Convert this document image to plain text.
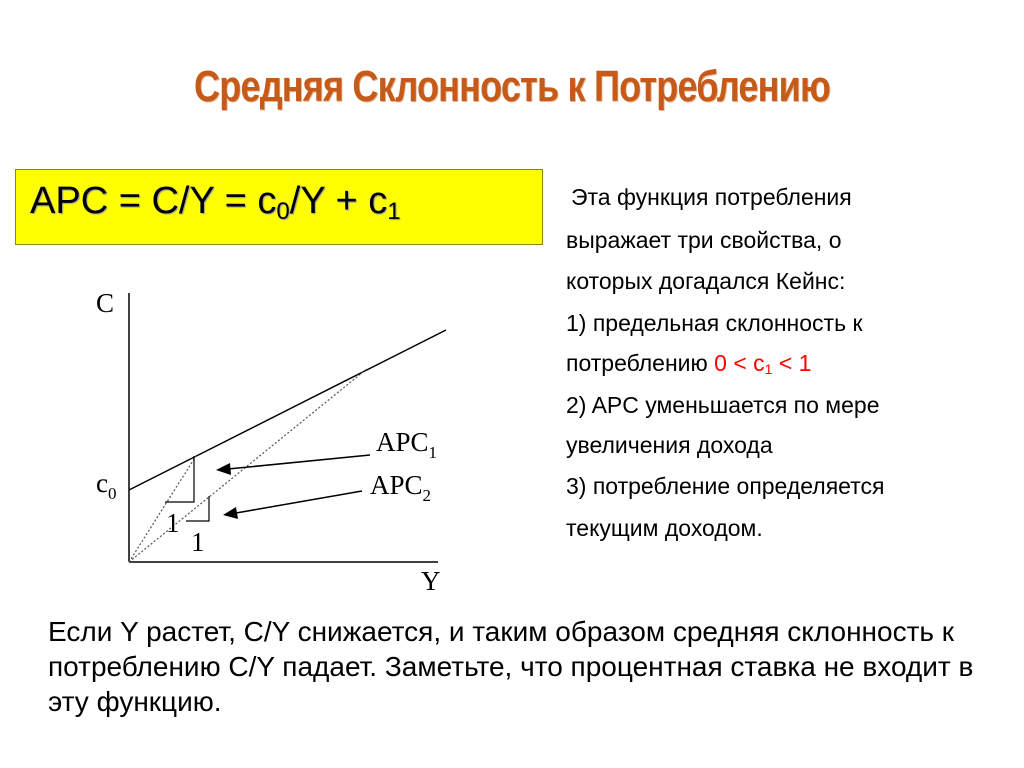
Средняя Склонность к Потреблению
APC = $C/Y = c_0/Y + c_1$
C
Y
c0
APC1
APC2
1
1
Эта функция потребления
выражает три свойства, о
которых догадался Кейнс:
1) предельная склонность к
потреблению $0 < c_1 < 1$
2) APC уменьшается по мере
увеличения дохода
3) потребление определяется
текущим доходом.
Если Y растет, C/Y снижается, и таким образом средняя склонность к потреблению C/Y падает. Заметьте, что процентная ставка не входит в эту функцию.
